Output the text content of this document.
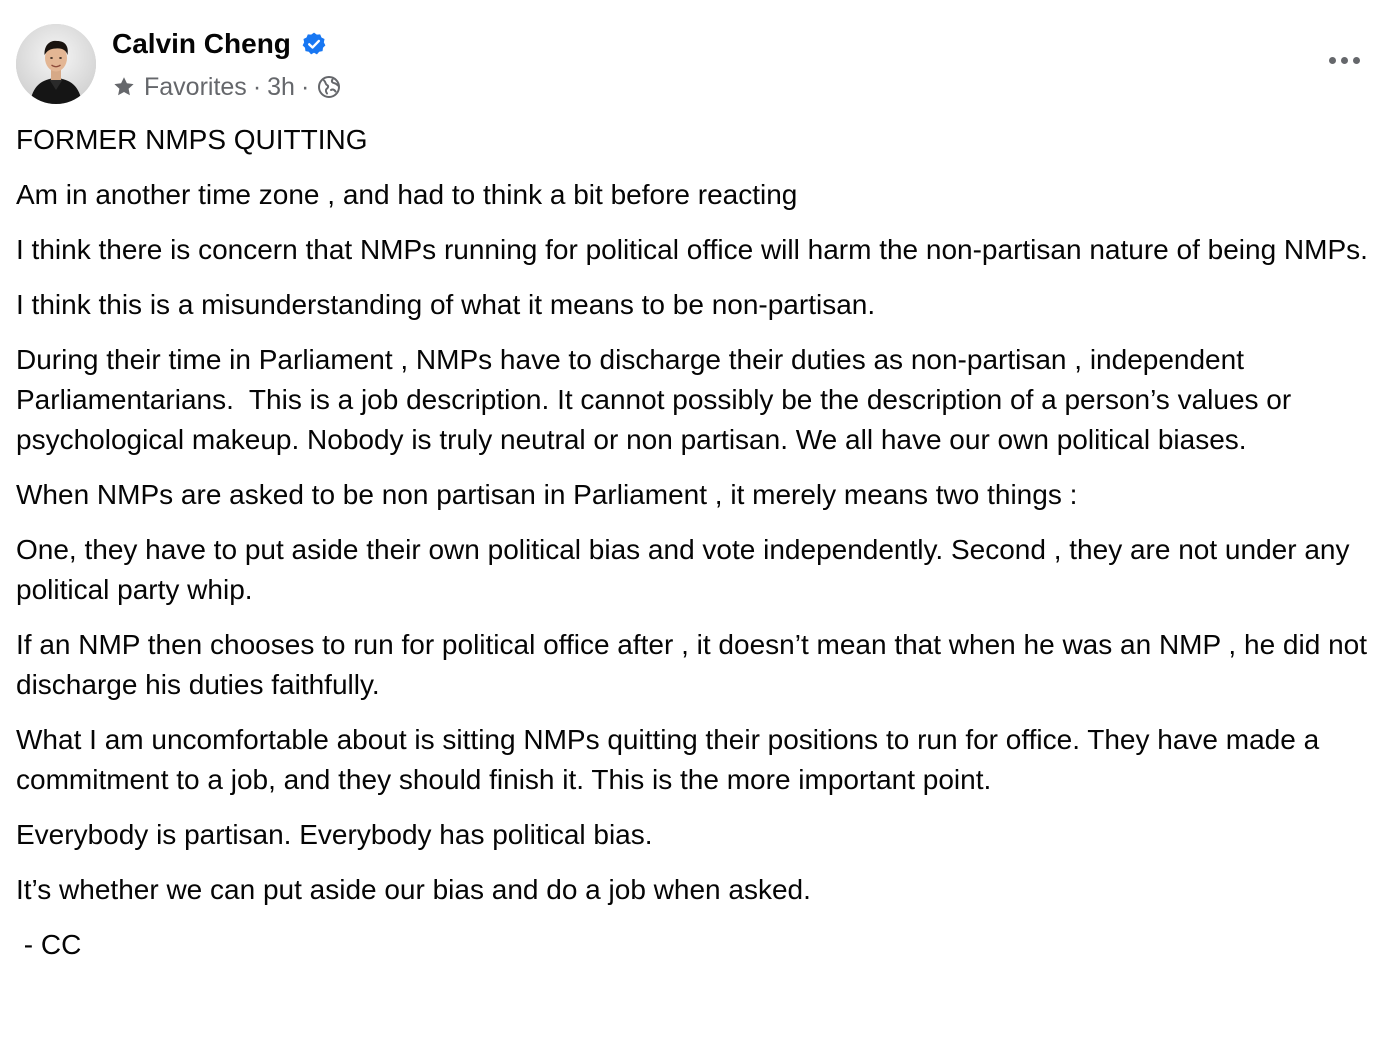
Calvin Cheng
Favorites · 3h ·

FORMER NMPS QUITTING

Am in another time zone , and had to think a bit before reacting

I think there is concern that NMPs running for political office will harm the non-partisan nature of being NMPs.

I think this is a misunderstanding of what it means to be non-partisan.

During their time in Parliament , NMPs have to discharge their duties as non-partisan , independent Parliamentarians.  This is a job description. It cannot possibly be the description of a person’s values or psychological makeup. Nobody is truly neutral or non partisan. We all have our own political biases.

When NMPs are asked to be non partisan in Parliament , it merely means two things :

One, they have to put aside their own political bias and vote independently. Second , they are not under any political party whip.

If an NMP then chooses to run for political office after , it doesn’t mean that when he was an NMP , he did not discharge his duties faithfully.

What I am uncomfortable about is sitting NMPs quitting their positions to run for office. They have made a commitment to a job, and they should finish it. This is the more important point.

Everybody is partisan. Everybody has political bias.

It’s whether we can put aside our bias and do a job when asked.

- CC
